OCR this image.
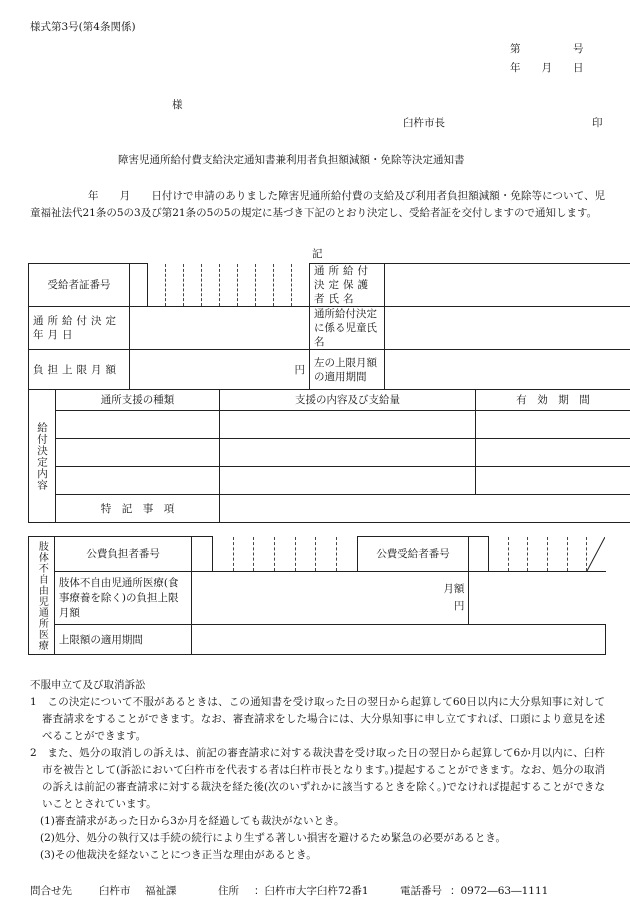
様式第3号(第4条関係)
第　　　　　号
年　　月　　日
様
臼杵市長	印
障害児通所給付費支給決定通知書兼利用者負担額減額・免除等決定通知書
年　　月　　日付けで申請のありました障害児通所給付費の支給及び利用者負担額減額・免除等について、児童福祉法代21条の5の3及び第21条の5の5の規定に基づき下記のとおり決定し、受給者証を交付しますので通知します。
記
受給者証番号												通所給付決定保護者氏名		
通所給付決定年月日												通所給付決定に係る児童氏名		
負担上限月額		円										左の上限月額の適用期間		
給付決定内容	通所支援の種類						支援の内容及び支給量							有　効　期　間

	特　記　事　項													
肢体不自由児通所医療	公費負担者番号									公費受給者番号							

	肢体不自由児通所医療(食事療養を除く)の負担上限月額	月額
円															

	上限額の適用期間																
不服申立て及び取消訴訟
1　この決定について不服があるときは、この通知書を受け取った日の翌日から起算して60日以内に大分県知事に対して審査請求をすることができます。なお、審査請求をした場合には、大分県知事に申し立てすれば、口頭により意見を述べることができます。
2　また、処分の取消しの訴えは、前記の審査請求に対する裁決書を受け取った日の翌日から起算して6か月以内に、臼杵市を被告として(訴訟において臼杵市を代表する者は臼杵市長となります。)提起することができます。なお、処分の取消の訴えは前記の審査請求に対する裁決を経た後(次のいずれかに該当するときを除く。)でなければ提起することができないこととされています。
(1)審査請求があった日から3か月を経過しても裁決がないとき。
(2)処分、処分の執行又は手続の続行により生ずる著しい損害を避けるため緊急の必要があるとき。
(3)その他裁決を経ないことにつき正当な理由があるとき。
問合せ先	臼杵市 福祉課	住所 ：臼杵市大字臼杵72番1	電話番号 ：0972―63―1111
